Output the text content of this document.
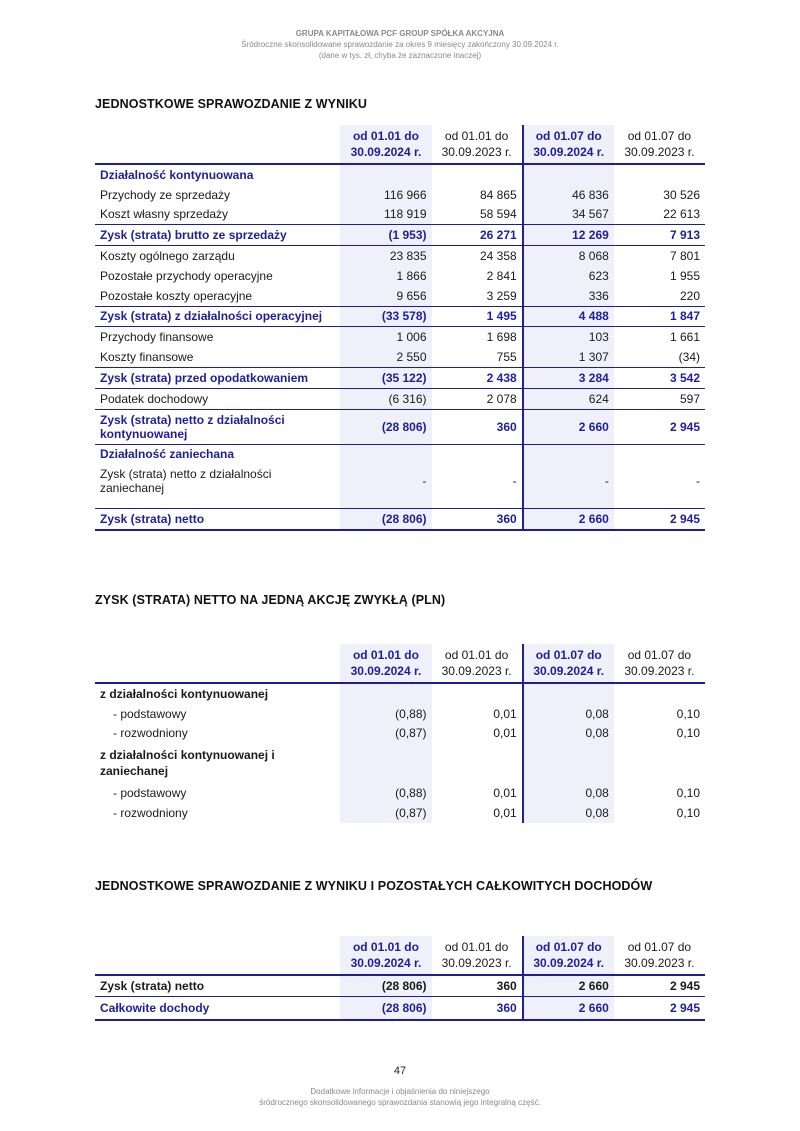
GRUPA KAPITAŁOWA PCF GROUP SPÓŁKA AKCYJNA
Śródroczne skonsolidowane sprawozdanie za okres 9 miesięcy zakończony 30.09.2024 r.
(dane w tys. zł, chyba że zaznaczone inaczej)
JEDNOSTKOWE SPRAWOZDANIE Z WYNIKU
	od 01.01 do 30.09.2024 r.	od 01.01 do 30.09.2023 r.	od 01.07 do 30.09.2024 r.	od 01.07 do 30.09.2023 r.
Działalność kontynuowana				
Przychody ze sprzedaży	116 966	84 865	46 836	30 526
Koszt własny sprzedaży	118 919	58 594	34 567	22 613
Zysk (strata) brutto ze sprzedaży	(1 953)	26 271	12 269	7 913
Koszty ogólnego zarządu	23 835	24 358	8 068	7 801
Pozostałe przychody operacyjne	1 866	2 841	623	1 955
Pozostałe koszty operacyjne	9 656	3 259	336	220
Zysk (strata) z działalności operacyjnej	(33 578)	1 495	4 488	1 847
Przychody finansowe	1 006	1 698	103	1 661
Koszty finansowe	2 550	755	1 307	(34)
Zysk (strata) przed opodatkowaniem	(35 122)	2 438	3 284	3 542
Podatek dochodowy	(6 316)	2 078	624	597
Zysk (strata) netto z działalności kontynuowanej	(28 806)	360	2 660	2 945
Działalność zaniechana				
Zysk (strata) netto z działalności zaniechanej	-	-	-	-

Zysk (strata) netto	(28 806)	360	2 660	2 945
ZYSK (STRATA) NETTO NA JEDNĄ AKCJĘ ZWYKŁĄ (PLN)
	od 01.01 do 30.09.2024 r.	od 01.01 do 30.09.2023 r.	od 01.07 do 30.09.2024 r.	od 01.07 do 30.09.2023 r.
z działalności kontynuowanej				
- podstawowy	(0,88)	0,01	0,08	0,10
- rozwodniony	(0,87)	0,01	0,08	0,10
z działalności kontynuowanej i zaniechanej				
- podstawowy	(0,88)	0,01	0,08	0,10
- rozwodniony	(0,87)	0,01	0,08	0,10
JEDNOSTKOWE SPRAWOZDANIE Z WYNIKU I POZOSTAŁYCH CAŁKOWITYCH DOCHODÓW
	od 01.01 do 30.09.2024 r.	od 01.01 do 30.09.2023 r.	od 01.07 do 30.09.2024 r.	od 01.07 do 30.09.2023 r.
Zysk (strata) netto	(28 806)	360	2 660	2 945
Całkowite dochody	(28 806)	360	2 660	2 945
47
Dodatkowe informacje i objaśnienia do niniejszego
śródrocznego skonsolidowanego sprawozdania stanowią jego integralną część.
